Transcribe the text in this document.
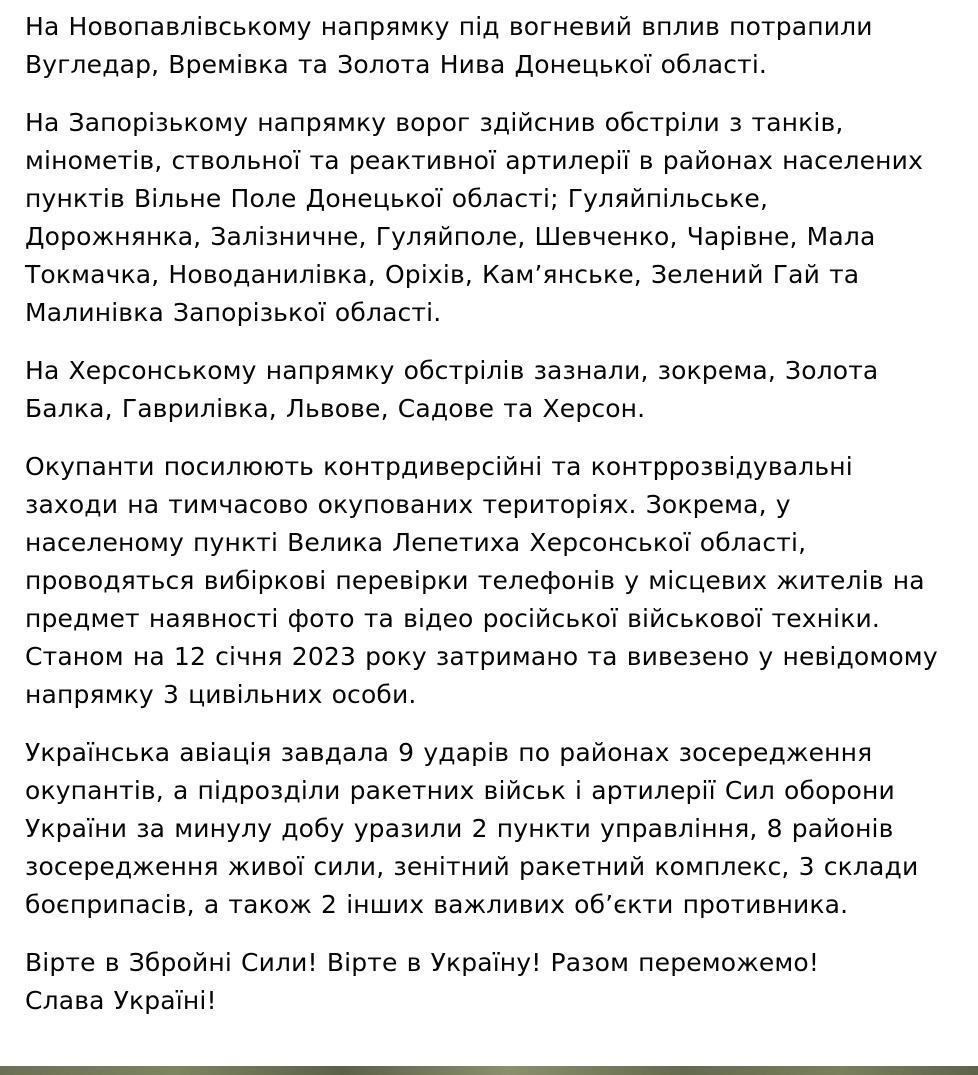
На Новопавлівському напрямку під вогневий вплив потрапили
Вугледар, Времівка та Золота Нива Донецької області.

На Запорізькому напрямку ворог здійснив обстріли з танків,
мінометів, ствольної та реактивної артилерії в районах населених
пунктів Вільне Поле Донецької області; Гуляйпільське,
Дорожнянка, Залізничне, Гуляйполе, Шевченко, Чарівне, Мала
Токмачка, Новоданилівка, Оріхів, Кам’янське, Зелений Гай та
Малинівка Запорізької області.

На Херсонському напрямку обстрілів зазнали, зокрема, Золота
Балка, Гаврилівка, Львове, Садове та Херсон.

Окупанти посилюють контрдиверсійні та контррозвідувальні
заходи на тимчасово окупованих територіях. Зокрема, у
населеному пункті Велика Лепетиха Херсонської області,
проводяться вибіркові перевірки телефонів у місцевих жителів на
предмет наявності фото та відео російської військової техніки.
Станом на 12 січня 2023 року затримано та вивезено у невідомому
напрямку 3 цивільних особи.

Українська авіація завдала 9 ударів по районах зосередження
окупантів, а підрозділи ракетних військ і артилерії Сил оборони
України за минулу добу уразили 2 пункти управління, 8 районів
зосередження живої сили, зенітний ракетний комплекс, 3 склади
боєприпасів, а також 2 інших важливих об’єкти противника.

Вірте в Збройні Сили! Вірте в Україну! Разом переможемо!
Слава Україні!
